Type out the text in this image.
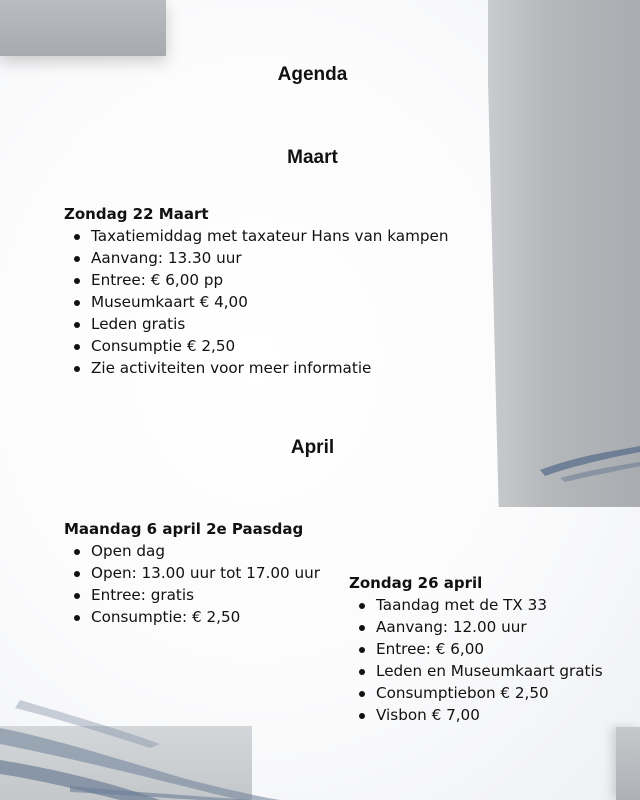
Agenda
Maart

Zondag 22 Maart

Taxatiemiddag met taxateur Hans van kampen
Aanvang: 13.30 uur
Entree: € 6,00 pp
Museumkaart € 4,00
Leden gratis
Consumptie € 2,50
Zie activiteiten voor meer informatie
April

Maandag 6 april 2e Paasdag

Open dag
Open: 13.00 uur tot 17.00 uur
Entree: gratis
Consumptie: € 2,50

Zondag 26 april

Taandag met de TX 33
Aanvang: 12.00 uur
Entree: € 6,00
Leden en Museumkaart gratis
Consumptiebon € 2,50
Visbon € 7,00
